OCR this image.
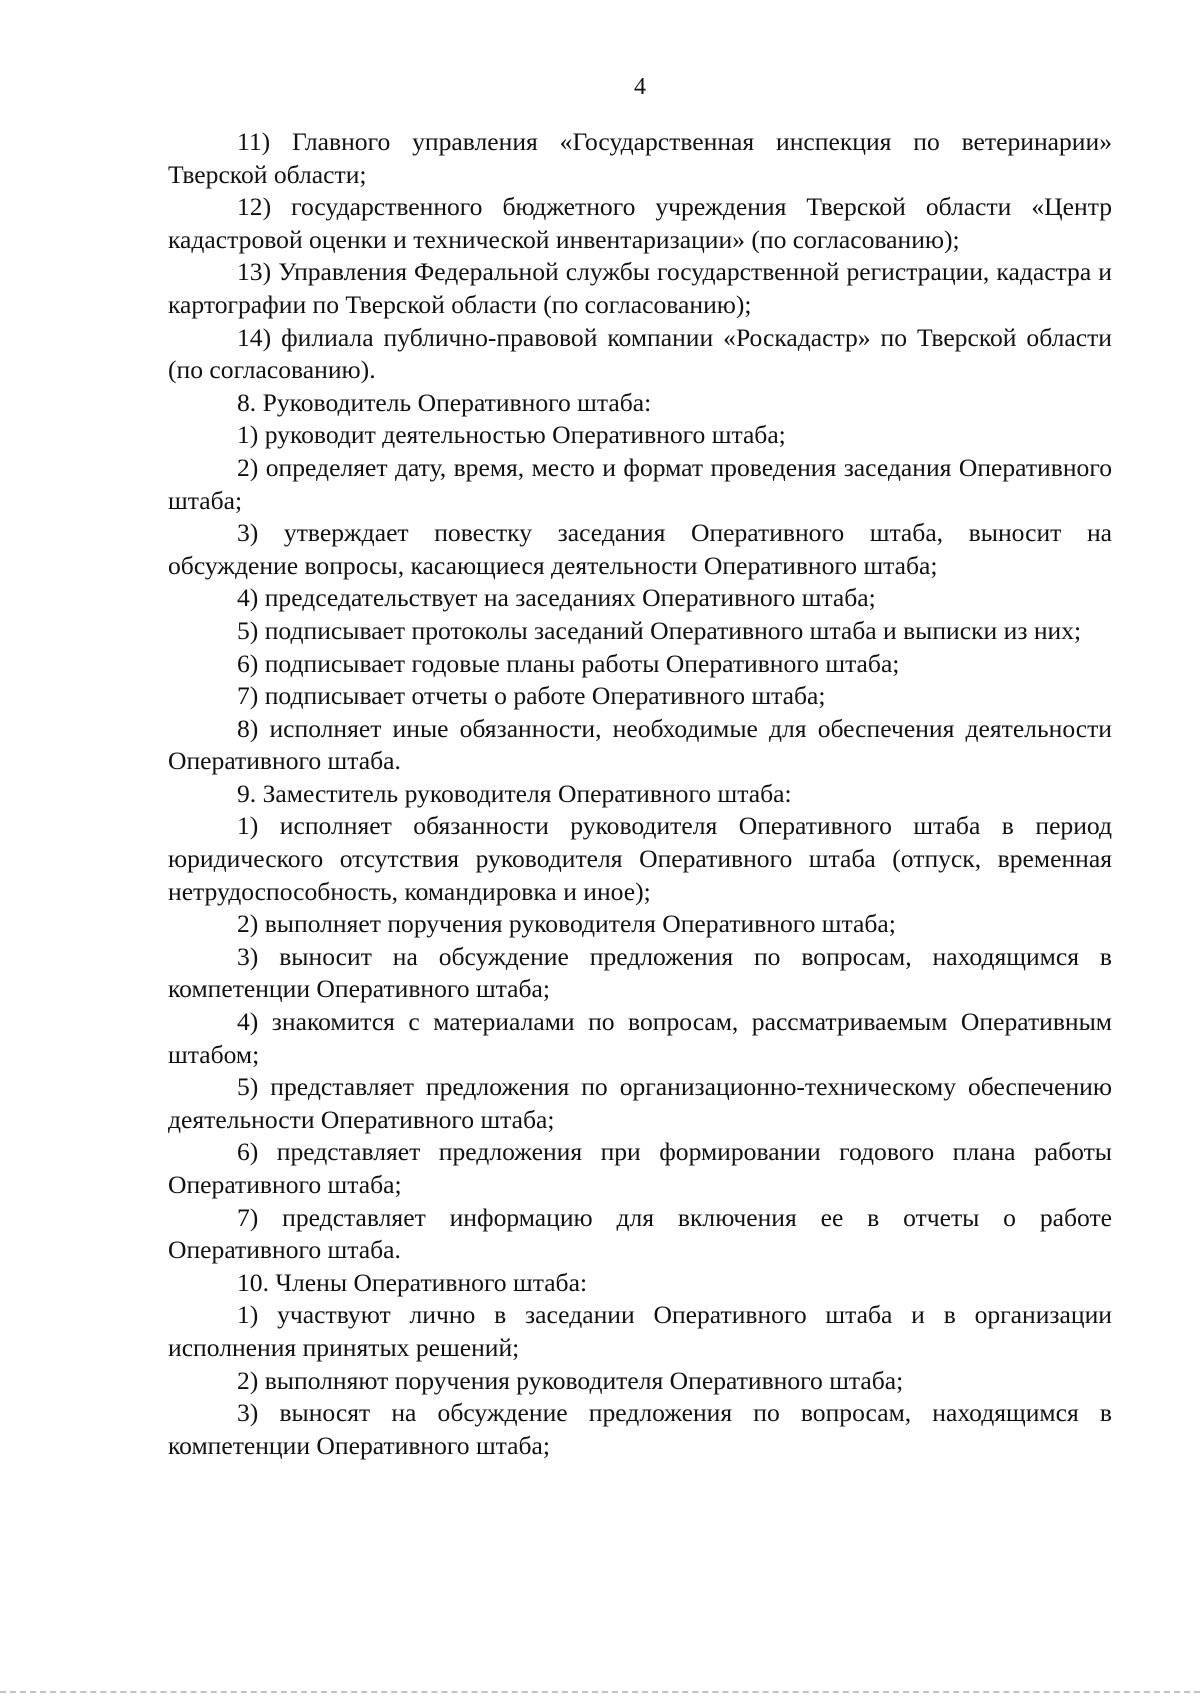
4

11) Главного управления «Государственная инспекция по ветеринарии» Тверской области;

12) государственного бюджетного учреждения Тверской области «Центр кадастровой оценки и технической инвентаризации» (по согласованию);

13) Управления Федеральной службы государственной регистрации, кадастра и картографии по Тверской области (по согласованию);

14) филиала публично-правовой компании «Роскадастр» по Тверской области (по согласованию).

8. Руководитель Оперативного штаба:

1) руководит деятельностью Оперативного штаба;

2) определяет дату, время, место и формат проведения заседания Оперативного штаба;

3) утверждает повестку заседания Оперативного штаба, выносит на обсуждение вопросы, касающиеся деятельности Оперативного штаба;

4) председательствует на заседаниях Оперативного штаба;

5) подписывает протоколы заседаний Оперативного штаба и выписки из них;

6) подписывает годовые планы работы Оперативного штаба;

7) подписывает отчеты о работе Оперативного штаба;

8) исполняет иные обязанности, необходимые для обеспечения деятельности Оперативного штаба.

9. Заместитель руководителя Оперативного штаба:

1) исполняет обязанности руководителя Оперативного штаба в период юридического отсутствия руководителя Оперативного штаба (отпуск, временная нетрудоспособность, командировка и иное);

2) выполняет поручения руководителя Оперативного штаба;

3) выносит на обсуждение предложения по вопросам, находящимся в компетенции Оперативного штаба;

4) знакомится с материалами по вопросам, рассматриваемым Оперативным штабом;

5) представляет предложения по организационно-техническому обеспечению деятельности Оперативного штаба;

6) представляет предложения при формировании годового плана работы Оперативного штаба;

7) представляет информацию для включения ее в отчеты о работе Оперативного штаба.

10. Члены Оперативного штаба:

1) участвуют лично в заседании Оперативного штаба и в организации исполнения принятых решений;

2) выполняют поручения руководителя Оперативного штаба;

3) выносят на обсуждение предложения по вопросам, находящимся в компетенции Оперативного штаба;
